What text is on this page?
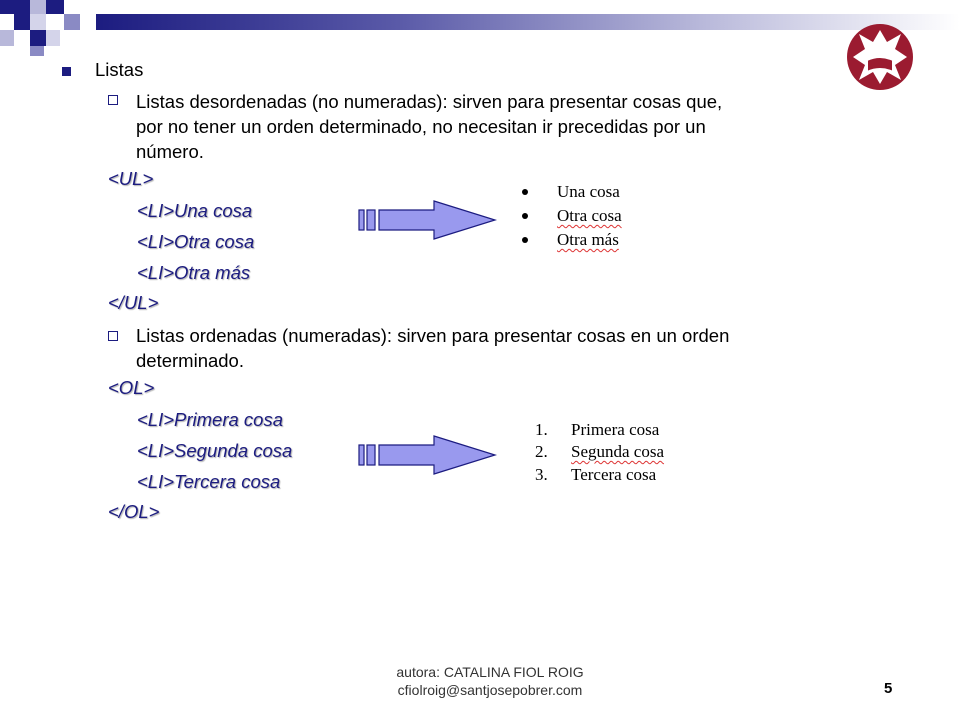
Listas
Listas desordenadas (no numeradas): sirven para presentar cosas que,
por no tener un orden determinado, no necesitan ir precedidas por un
número.
<UL>
<LI>Una cosa
<LI>Otra cosa
<LI>Otra más
</UL>
Una cosa
Otra cosa
Otra más
Listas ordenadas (numeradas): sirven para presentar cosas en un orden
determinado.
<OL>
<LI>Primera cosa
<LI>Segunda cosa
<LI>Tercera cosa
</OL>
1. Primera cosa
2. Segunda cosa
3. Tercera cosa
autora: CATALINA FIOL ROIG
cfiolroig@santjosepobrer.com	5
